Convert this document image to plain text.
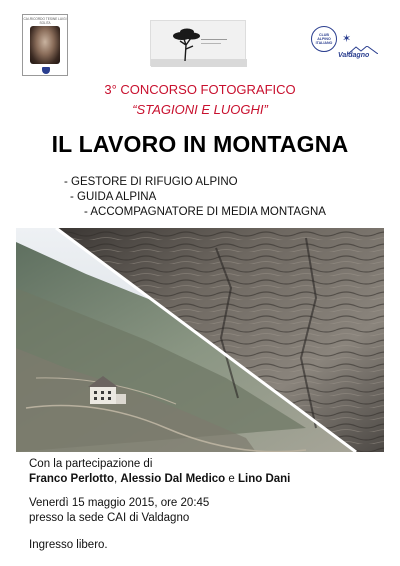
CAI-RICORDO TESINE LUIGI SOLITA
CLUB
ALPINO
ITALIANO ✶
Valdagno
3° CONCORSO FOTOGRAFICO
“STAGIONI E LUOGHI”
IL LAVORO IN MONTAGNA
- GESTORE DI RIFUGIO ALPINO
- GUIDA ALPINA
- ACCOMPAGNATORE DI MEDIA MONTAGNA
Con la partecipazione di
Franco Perlotto, Alessio Dal Medico e Lino Dani
Venerdì 15 maggio 2015, ore 20:45
presso la sede CAI di Valdagno
Ingresso libero.
